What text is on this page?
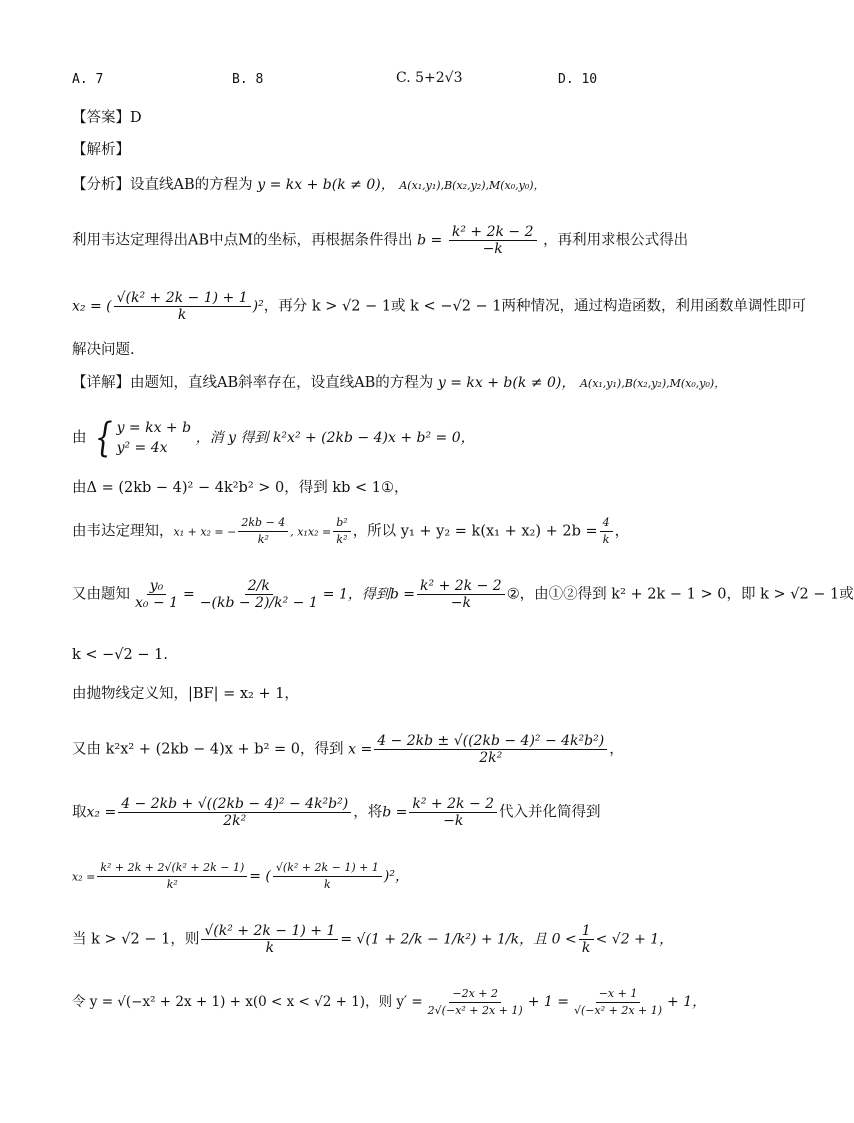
A. 7	B. 8	C. 5+2√3	D. 10
【答案】D
【解析】
【分析】设直线AB的方程为 y = kx + b(k ≠ 0)， A(x₁,y₁),B(x₂,y₂),M(x₀,y₀)，
利用韦达定理得出AB中点M的坐标，再根据条件得出 $b = \frac{\text{k² + 2k − 2}}{-k}$ ，再利用求根公式得出
x₂ = ( $\frac{\text{√(k² + 2k − 1) + 1}}{k} )^2$，再分 k > √2 − 1或 k < −√2 − 1两种情况，通过构造函数，利用函数单调性即可
解决问题.
【详解】由题知，直线AB斜率存在，设直线AB的方程为 y = kx + b(k ≠ 0)， A(x₁,y₁),B(x₂,y₂),M(x₀,y₀)，
由 { y = kx + b
y² = 4x
，消 y 得到 k²x² + (2kb − 4)x + b² = 0，
由Δ = (2kb − 4)² − 4k²b² > 0，得到 kb < 1①，
由韦达定理知，x₁ + x₂ = − $\frac{2kb - 4}{\text{k²}}$ , $x_1x_2 = \frac{\text{b²}}{\text{k²}}$ ，所以 $y_1 + y_2 = k(x_1 + x_2) + 2b = \frac{4}{k}$ ，
又由题知 $\frac{\text{y₀}}{\text{x₀ − 1}} = \frac{2/k}{\text{−(kb − 2)/k² − 1}} = 1$，得到$b = \frac{\text{k² + 2k − 2}}{-k}$ ②，由①②得到 k² + 2k − 1 > 0，即 k > √2 − 1或
k < −√2 − 1.
由抛物线定义知，|BF| = x₂ + 1，
又由 k²x² + (2kb − 4)x + b² = 0，得到 $x = \frac{\text{4 − 2kb ± √((2kb − 4)² − 4k²b²)}}{\text{2k²}}$ ，
取$x_2 = \frac{\text{4 − 2kb + √((2kb − 4)² − 4k²b²)}}{\text{2k²}}$ ，将$b = \frac{\text{k² + 2k − 2}}{-k}$ 代入并化简得到
$x_2 = \frac{\text{k² + 2k + 2√(k² + 2k − 1)}}{\text{k²}}$ = ( $\frac{\text{√(k² + 2k − 1) + 1}}{k} )^2$，
当 k > √2 − 1，则 $\frac{\text{√(k² + 2k − 1) + 1}}{k} = √(1 + 2/k - 1/k^2) + 1/k$，且 $0 < \frac{1}{k} < √2 + 1$，
令 y = √(−x² + 2x + 1) + x(0 < x < √2 + 1)，则 $y' = \frac{-2x + 2}{\text{2√(−x² + 2x + 1)}} + 1 = \frac{-x + 1}{\text{√(−x² + 2x + 1)}} + 1$，
